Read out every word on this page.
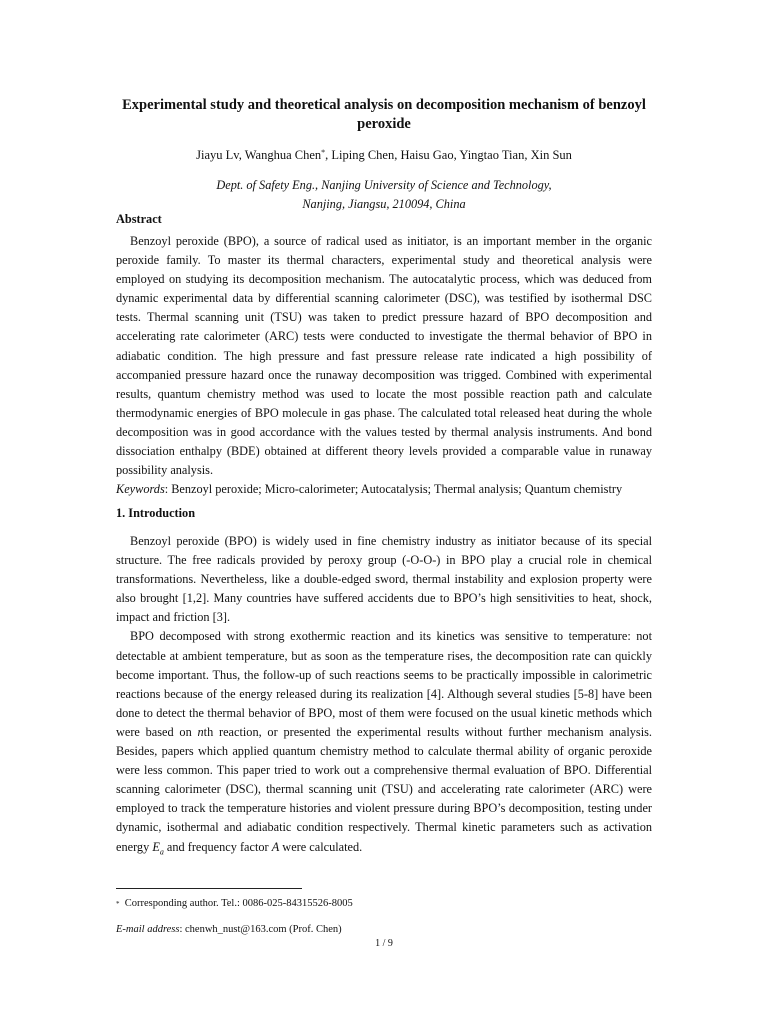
Experimental study and theoretical analysis on decomposition mechanism of benzoyl peroxide
Jiayu Lv, Wanghua Chen*, Liping Chen, Haisu Gao, Yingtao Tian, Xin Sun
Dept. of Safety Eng., Nanjing University of Science and Technology,
Nanjing, Jiangsu, 210094, China
Abstract

Benzoyl peroxide (BPO), a source of radical used as initiator, is an important member in the organic peroxide family. To master its thermal characters, experimental study and theoretical analysis were employed on studying its decomposition mechanism. The autocatalytic process, which was deduced from dynamic experimental data by differential scanning calorimeter (DSC), was testified by isothermal DSC tests. Thermal scanning unit (TSU) was taken to predict pressure hazard of BPO decomposition and accelerating rate calorimeter (ARC) tests were conducted to investigate the thermal behavior of BPO in adiabatic condition. The high pressure and fast pressure release rate indicated a high possibility of accompanied pressure hazard once the runaway decomposition was trigged. Combined with experimental results, quantum chemistry method was used to locate the most possible reaction path and calculate thermodynamic energies of BPO molecule in gas phase. The calculated total released heat during the whole decomposition was in good accordance with the values tested by thermal analysis instruments. And bond dissociation enthalpy (BDE) obtained at different theory levels provided a comparable value in runaway possibility analysis.

Keywords: Benzoyl peroxide; Micro-calorimeter; Autocatalysis; Thermal analysis; Quantum chemistry

1. Introduction

Benzoyl peroxide (BPO) is widely used in fine chemistry industry as initiator because of its special structure. The free radicals provided by peroxy group (-O-O-) in BPO play a crucial role in chemical transformations. Nevertheless, like a double-edged sword, thermal instability and explosion property were also brought [1,2]. Many countries have suffered accidents due to BPO’s high sensitivities to heat, shock, impact and friction [3].

BPO decomposed with strong exothermic reaction and its kinetics was sensitive to temperature: not detectable at ambient temperature, but as soon as the temperature rises, the decomposition rate can quickly become important. Thus, the follow-up of such reactions seems to be practically impossible in calorimetric reactions because of the energy released during its realization [4]. Although several studies [5-8] have been done to detect the thermal behavior of BPO, most of them were focused on the usual kinetic methods which were based on nth reaction, or presented the experimental results without further mechanism analysis. Besides, papers which applied quantum chemistry method to calculate thermal ability of organic peroxide were less common. This paper tried to work out a comprehensive thermal evaluation of BPO. Differential scanning calorimeter (DSC), thermal scanning unit (TSU) and accelerating rate calorimeter (ARC) were employed to track the temperature histories and violent pressure during BPO’s decomposition, testing under dynamic, isothermal and adiabatic condition respectively. Thermal kinetic parameters such as activation energy $E_a$ and frequency factor A were calculated.

* Corresponding author. Tel.: 0086-025-84315526-8005
E-mail address: chenwh_nust@163.com (Prof. Chen)
1 / 9
